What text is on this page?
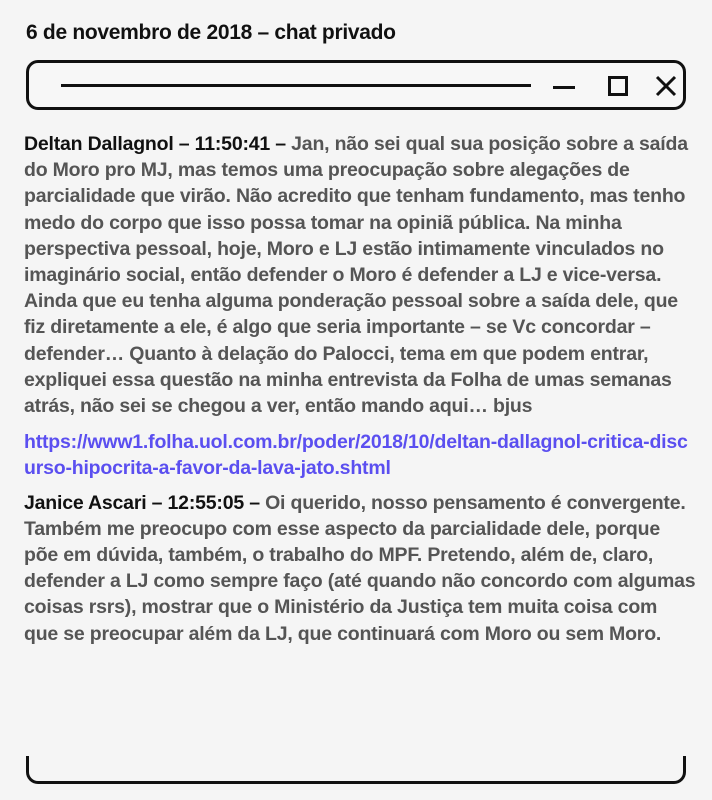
6 de novembro de 2018 – chat privado

Deltan Dallagnol – 11:50:41 – Jan, não sei qual sua posição sobre a saída do Moro pro MJ, mas temos uma preocupação sobre alegações de parcialidade que virão. Não acredito que tenham fundamento, mas tenho medo do corpo que isso possa tomar na opiniã pública. Na minha perspectiva pessoal, hoje, Moro e LJ estão intimamente vinculados no imaginário social, então defender o Moro é defender a LJ e vice-versa. Ainda que eu tenha alguma ponderação pessoal sobre a saída dele, que fiz diretamente a ele, é algo que seria importante – se Vc concordar – defender… Quanto à delação do Palocci, tema em que podem entrar, expliquei essa questão na minha entrevista da Folha de umas semanas atrás, não sei se chegou a ver, então mando aqui… bjus

https://www1.folha.uol.com.br/poder/2018/10/deltan-dallagnol-critica-discurso-hipocrita-a-favor-da-lava-jato.shtml

Janice Ascari – 12:55:05 – Oi querido, nosso pensamento é convergente. Também me preocupo com esse aspecto da parcialidade dele, porque põe em dúvida, também, o trabalho do MPF. Pretendo, além de, claro, defender a LJ como sempre faço (até quando não concordo com algumas coisas rsrs), mostrar que o Ministério da Justiça tem muita coisa com que se preocupar além da LJ, que continuará com Moro ou sem Moro.
